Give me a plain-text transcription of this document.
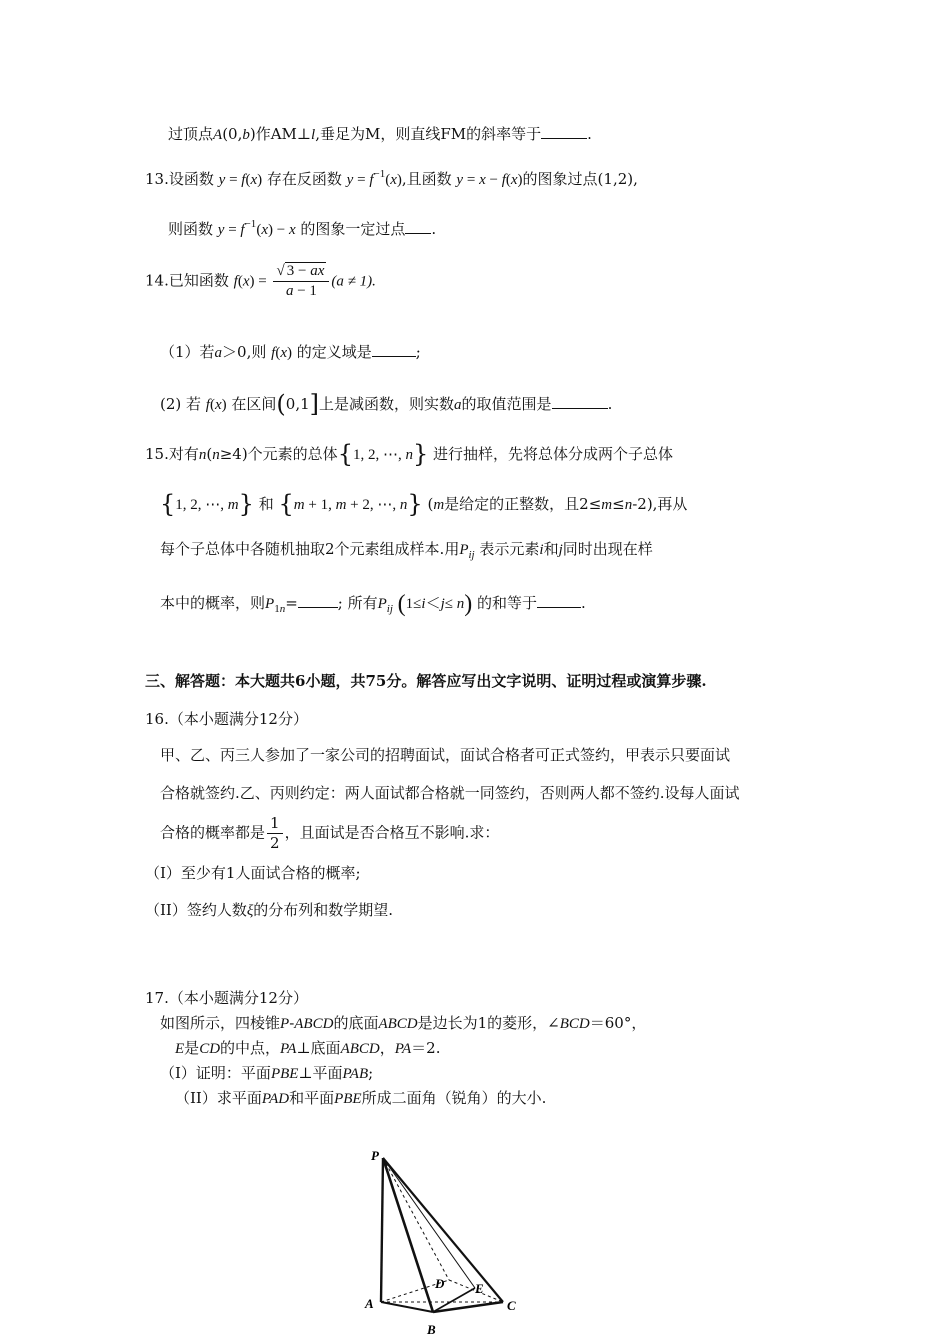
过顶点A(0,b)作AM⊥l,垂足为M，则直线FM的斜率等于	.
13.设函数 y = f(x) 存在反函数 $y = f^{-1}(x)$,且函数 y = x − f(x)的图象过点(1,2),
则函数 $y = f^{-1}(x) - x$ 的图象一定过点 .
14.已知函数 $f(x) = \frac{√ 3 - ax}{a - 1} (a \ne 1)$.
（1）若a＞0,则 f(x) 的定义域是	;
(2) 若 f(x) 在区间(0,1]上是减函数，则实数a的取值范围是	.
15.对有n(n≥4)个元素的总体{1, 2, ⋯, n} 进行抽样，先将总体分成两个子总体
{1, 2, ⋯, m} 和 {m + 1, m + 2, ⋯, n} (m是给定的正整数，且2≤m≤n-2),再从
每个子总体中各随机抽取2个元素组成样本.用$P_{ij}$ 表示元素i和j同时出现在样
本中的概率，则$P_{1n}=$	; 所有$P_{ij}$ (1≤i＜j≤ n) 的和等于	.
三、解答题：本大题共6小题，共75分。解答应写出文字说明、证明过程或演算步骤.
16.（本小题满分12分）
甲、乙、丙三人参加了一家公司的招聘面试，面试合格者可正式签约，甲表示只要面试
合格就签约.乙、丙则约定：两人面试都合格就一同签约，否则两人都不签约.设每人面试
合格的概率都是 $\frac{1}{2}$ ，且面试是否合格互不影响.求：
（I）至少有1人面试合格的概率;
（II）签约人数ξ的分布列和数学期望.
17.（本小题满分12分）
如图所示，四棱锥P-ABCD的底面ABCD是边长为1的菱形，∠BCD＝60°，
E是CD的中点，PA⊥底面ABCD，PA＝2.
（I）证明：平面PBE⊥平面PAB;
（II）求平面PAD和平面PBE所成二面角（锐角）的大小.
P
A
B
C
D E
